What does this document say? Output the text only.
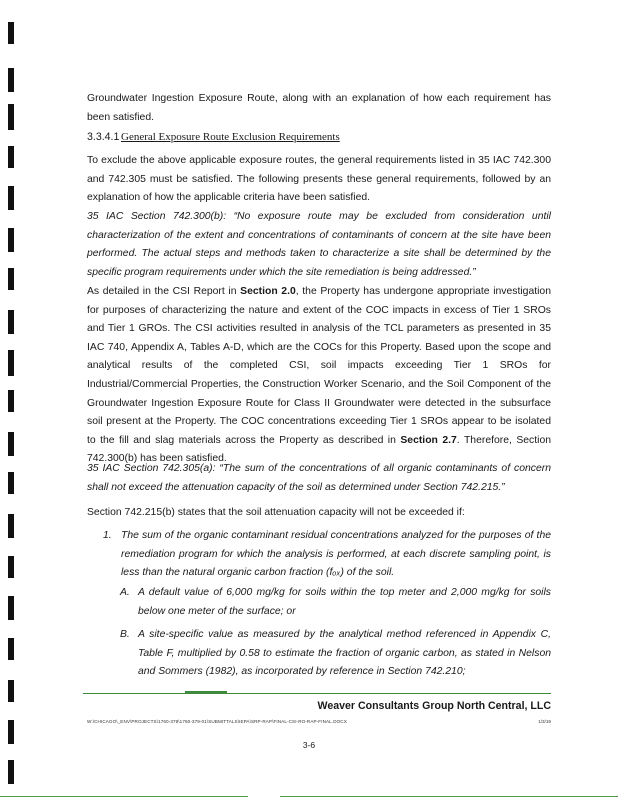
Groundwater Ingestion Exposure Route, along with an explanation of how each requirement has been satisfied.

3.3.4.1 General Exposure Route Exclusion Requirements

To exclude the above applicable exposure routes, the general requirements listed in 35 IAC 742.300 and 742.305 must be satisfied. The following presents these general requirements, followed by an explanation of how the applicable criteria have been satisfied.

35 IAC Section 742.300(b): “No exposure route may be excluded from consideration until characterization of the extent and concentrations of contaminants of concern at the site have been performed. The actual steps and methods taken to characterize a site shall be determined by the specific program requirements under which the site remediation is being addressed.”

As detailed in the CSI Report in Section 2.0, the Property has undergone appropriate investigation for purposes of characterizing the nature and extent of the COC impacts in excess of Tier 1 SROs and Tier 1 GROs. The CSI activities resulted in analysis of the TCL parameters as presented in 35 IAC 740, Appendix A, Tables A-D, which are the COCs for this Property. Based upon the scope and analytical results of the completed CSI, soil impacts exceeding Tier 1 SROs for Industrial/Commercial Properties, the Construction Worker Scenario, and the Soil Component of the Groundwater Ingestion Exposure Route for Class II Groundwater were detected in the subsurface soil present at the Property. The COC concentrations exceeding Tier 1 SROs appear to be isolated to the fill and slag materials across the Property as described in Section 2.7. Therefore, Section 742.300(b) has been satisfied.

35 IAC Section 742.305(a): “The sum of the concentrations of all organic contaminants of concern shall not exceed the attenuation capacity of the soil as determined under Section 742.215.”

Section 742.215(b) states that the soil attenuation capacity will not be exceeded if:

1. The sum of the organic contaminant residual concentrations analyzed for the purposes of the remediation program for which the analysis is performed, at each discrete sampling point, is less than the natural organic carbon fraction (fₒₓ) of the soil.
A. A default value of 6,000 mg/kg for soils within the top meter and 2,000 mg/kg for soils below one meter of the surface; or
B. A site-specific value as measured by the analytical method referenced in Appendix C, Table F, multiplied by 0.58 to estimate the fraction of organic carbon, as stated in Nelson and Sommers (1982), as incorporated by reference in Section 742.210;
Weaver Consultants Group North Central, LLC
W:\CHICAGO\_ENV\PROJECTS\1760-379\1760-379-01\SUBMITTALS\IEPA\SRP-RAP\FINAL-CSI-RO-RAP-FINAL.DOCX	1/3/19
3-6
